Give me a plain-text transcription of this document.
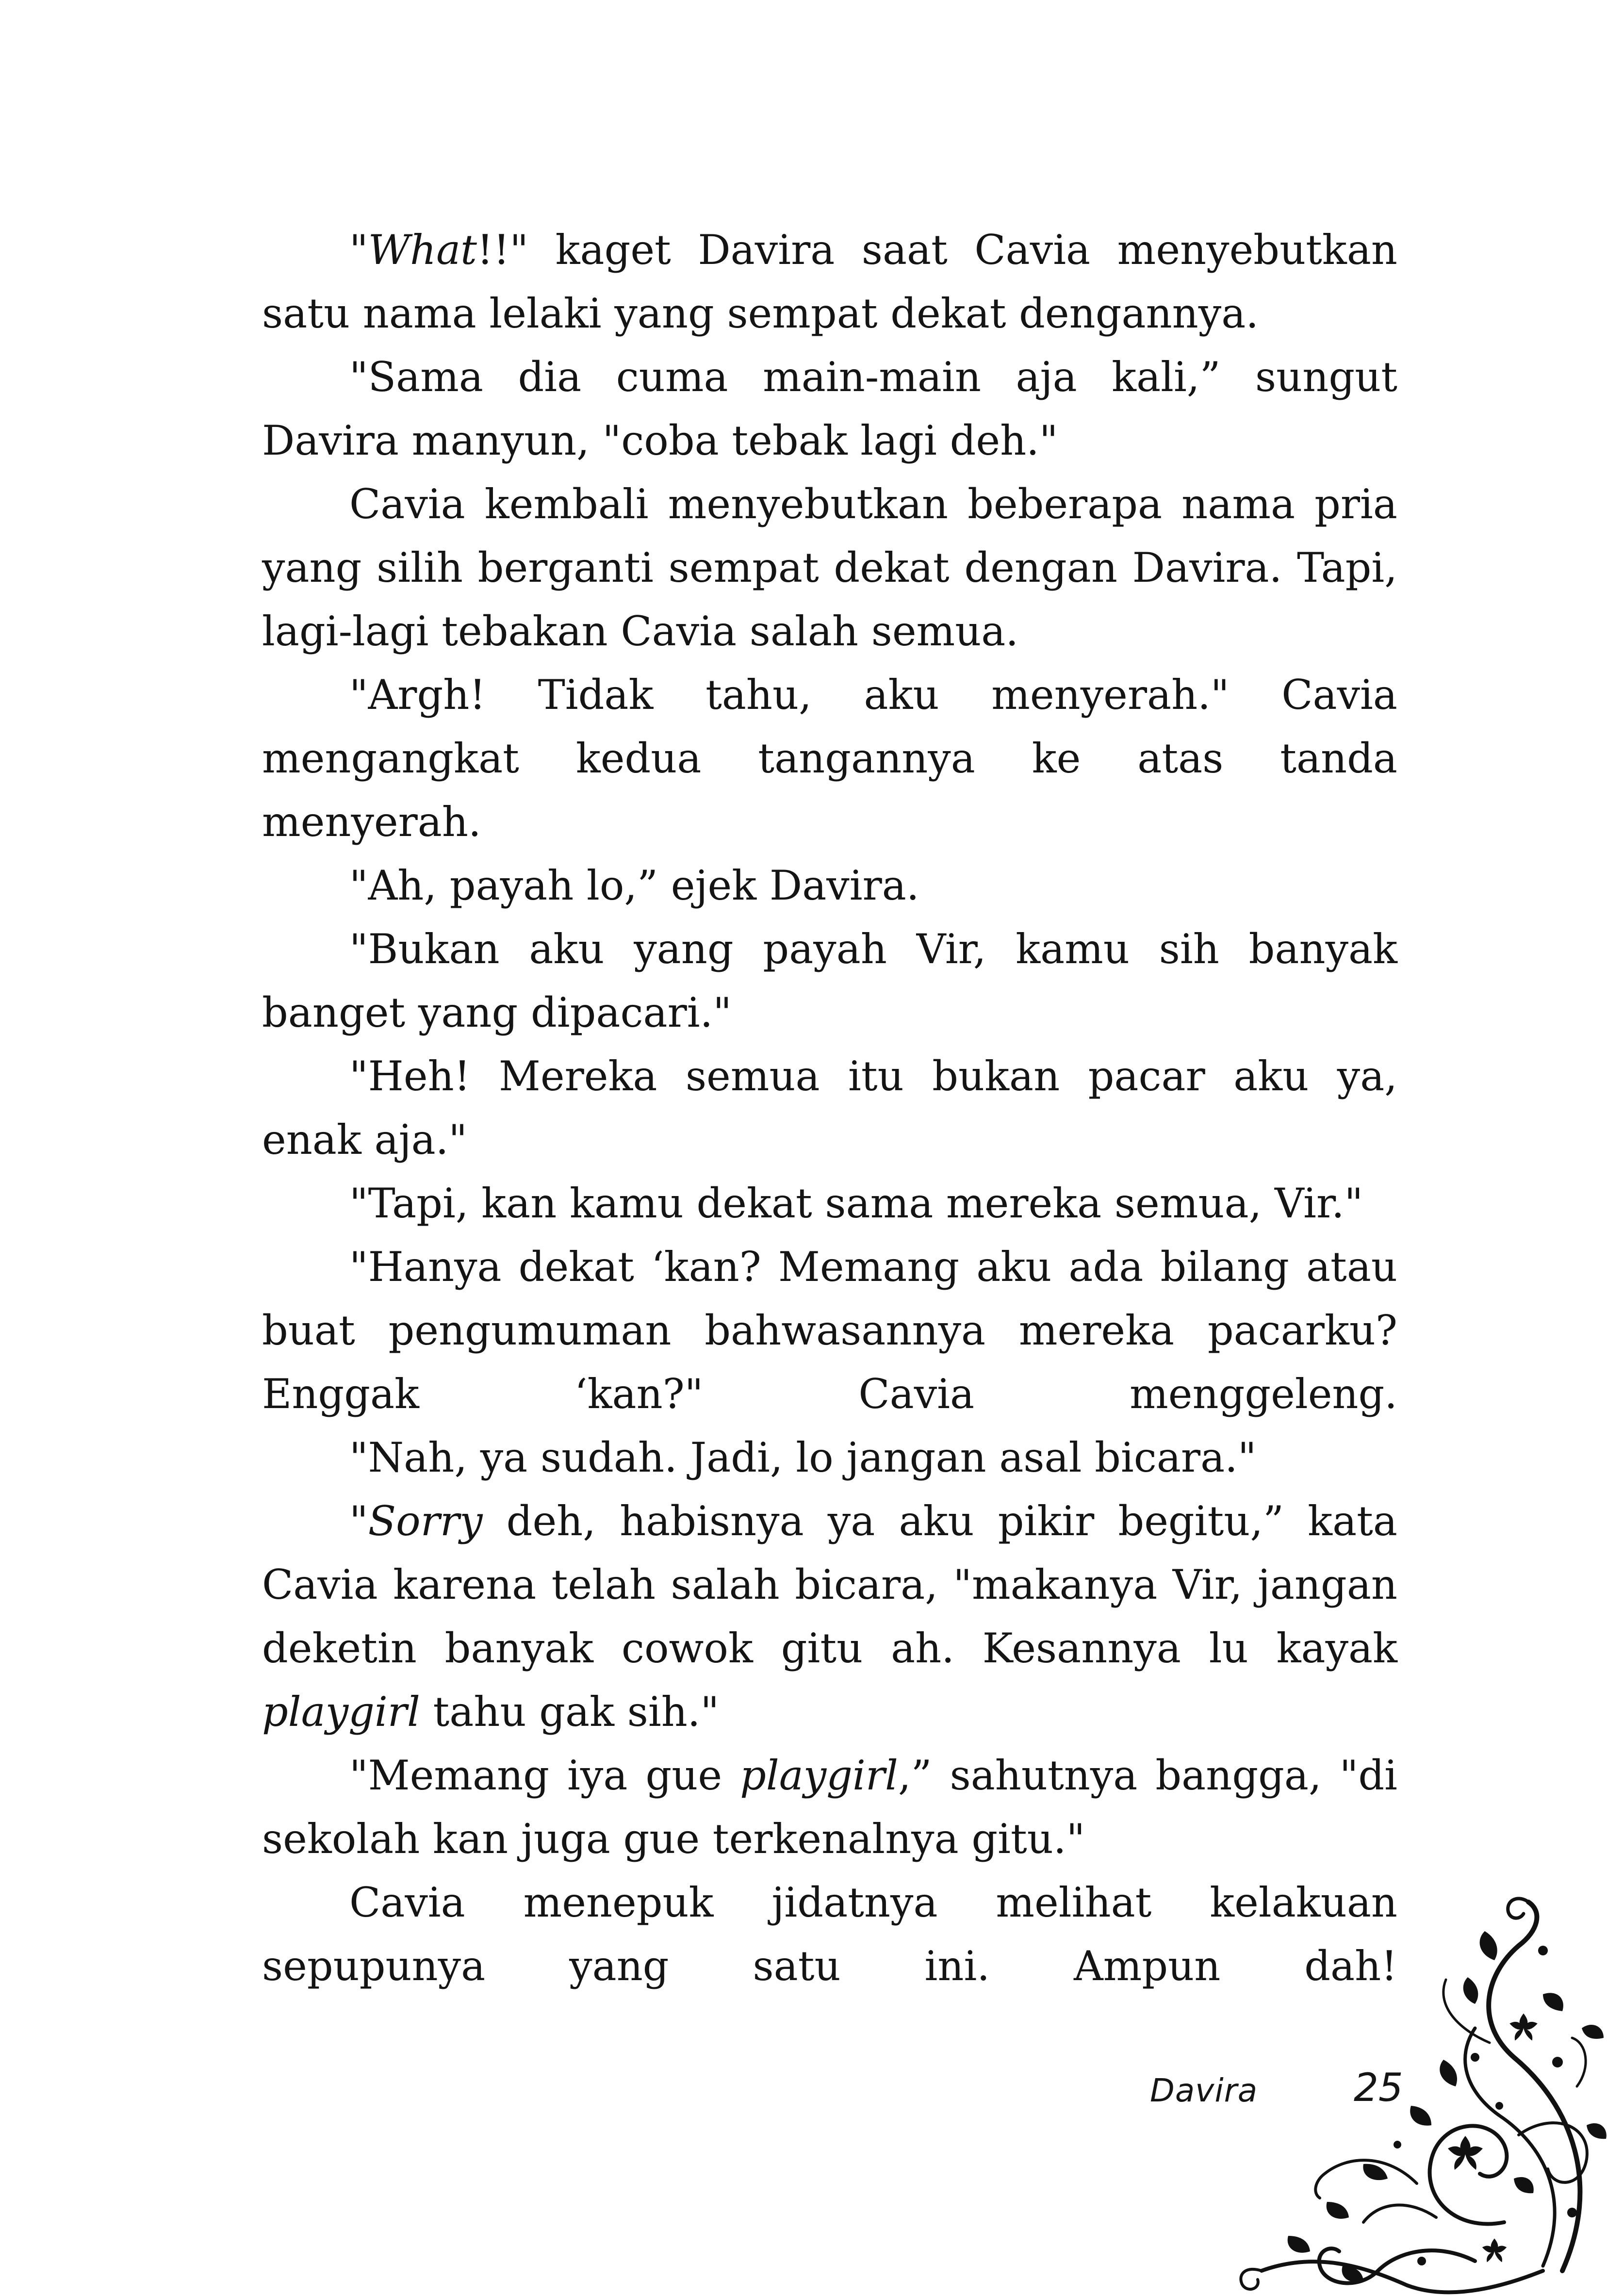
"What!!" kaget Davira saat Cavia menyebutkan satu nama lelaki yang sempat dekat dengannya.

"Sama dia cuma main-main aja kali,” sungut Davira manyun, "coba tebak lagi deh."

Cavia kembali menyebutkan beberapa nama pria yang silih berganti sempat dekat dengan Davira. Tapi, lagi-lagi tebakan Cavia salah semua.

"Argh! Tidak tahu, aku menyerah." Cavia mengangkat kedua tangannya ke atas tanda menyerah.

"Ah, payah lo,” ejek Davira.

"Bukan aku yang payah Vir, kamu sih banyak banget yang dipacari."

"Heh! Mereka semua itu bukan pacar aku ya, enak aja."

"Tapi, kan kamu dekat sama mereka semua, Vir."

"Hanya dekat ‘kan? Memang aku ada bilang atau buat pengumuman bahwasannya mereka pacarku? Enggak ‘kan?" Cavia menggeleng.

"Nah, ya sudah. Jadi, lo jangan asal bicara."

"Sorry deh, habisnya ya aku pikir begitu,” kata Cavia karena telah salah bicara, "makanya Vir, jangan deketin banyak cowok gitu ah. Kesannya lu kayak playgirl tahu gak sih."

"Memang iya gue playgirl,” sahutnya bangga, "di sekolah kan juga gue terkenalnya gitu."

Cavia menepuk jidatnya melihat kelakuan sepupunya yang satu ini. Ampun dah!

Davira 25
